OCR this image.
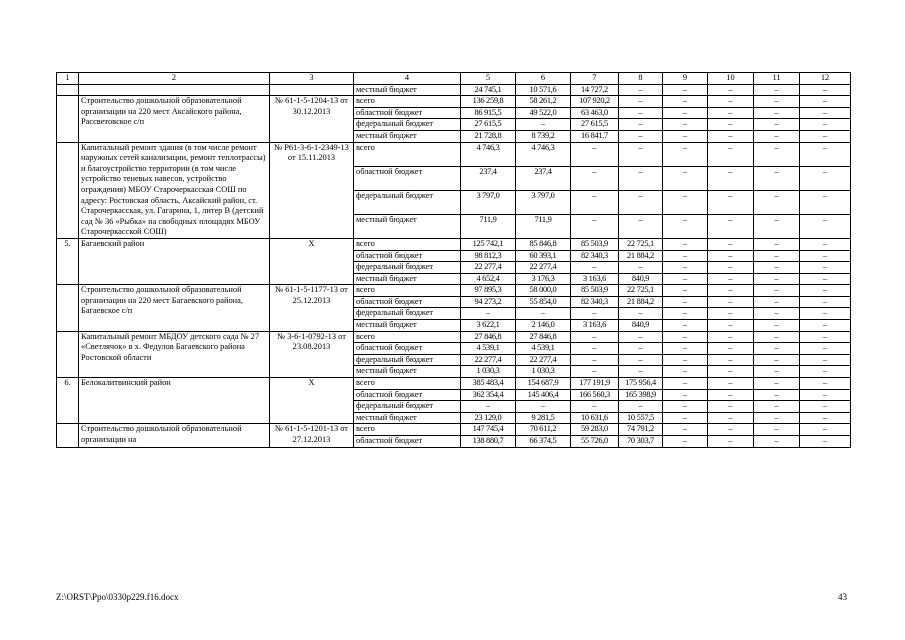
1	2	3	4	5	6	7	8	9	10	11	12
			местный бюджет	24 745,1	10 571,6	14 727,2	–	–	–	–	–
	Строительство дошкольной образовательной организации на 220 мест Аксайского района, Рассветовское с/п	№ 61-1-5-1204-13 от 30.12.2013	всего	136 259,8	58 261,2	107 920,2	–	–	–	–	–
			областной бюджет	86 915,5	49 522,0	63 463,0	–	–	–	–	–
			федеральный бюджет	27 615,5	–	27 615,5	–	–	–	–	–
			местный бюджет	21 728,8	8 739,2	16 841,7	–	–	–	–	–
	Капитальный ремонт здания (в том числе ремонт наружных сетей канализации, ремонт теплотрассы) и благоустройство территории (в том числе устройство теневых навесов, устройство ограждения) МБОУ Старочеркасская СОШ по адресу: Ростовская область, Аксайский район, ст. Старочеркасская, ул. Гагарина, 1, литер В (детский сад № 36 «Рыбка» на свободных площадях МБОУ Старочеркасской СОШ)	№ Р61-3-6-1-2349-13 от 15.11.2013	всего	4 746,3	4 746,3	–	–	–	–	–	–
			областной бюджет	237,4	237,4	–	–	–	–	–	–
			федеральный бюджет	3 797,0	3 797,0	–	–	–	–	–	–
			местный бюджет	711,9	711,9	–	–	–	–	–	–
5.	Багаевский район	Х	всего	125 742,1	85 846,8	85 503,9	22 725,1	–	–	–	–
			областной бюджет	98 812,3	60 393,1	82 340,3	21 884,2	–	–	–	–
			федеральный бюджет	22 277,4	22 277,4	–	–	–	–	–	–
			местный бюджет	4 652,4	3 176,3	3 163,6	840,9	–	–	–	–
	Строительство дошкольной образовательной организации на 220 мест Багаевского района, Багаевское с/п	№ 61-1-5-1177-13 от 25.12.2013	всего	97 895,3	58 000,0	85 503,9	22 725,1	–	–	–	–
			областной бюджет	94 273,2	55 854,0	82 340,3	21 884,2	–	–	–	–
			федеральный бюджет	–	–	–	–	–	–	–	–
			местный бюджет	3 622,1	2 146,0	3 163,6	840,9	–	–	–	–
	Капитальный ремонт МБДОУ детского сада № 27 «Светлячок» в х. Федулов Багаевского района Ростовской области	№ 3-6-1-0792-13 от 23.08.2013	всего	27 846,8	27 846,8	–	–	–	–	–	–
			областной бюджет	4 539,1	4 539,1	–	–	–	–	–	–
			федеральный бюджет	22 277,4	22 277,4	–	–	–	–	–	–
			местный бюджет	1 030,3	1 030,3	–	–	–	–	–	–
6.	Белокалитвинский район	Х	всего	385 483,4	154 687,9	177 191,9	175 956,4	–	–	–	–
			областной бюджет	362 354,4	145 406,4	166 560,3	165 398,9	–	–	–	–
			федеральный бюджет	–	–	–	–	–	–	–	–
			местный бюджет	23 129,0	9 281,5	10 631,6	10 557,5	–	–	–	–
	Строительство дошкольной образовательной организации на	№ 61-1-5-1201-13 от 27.12.2013	всего	147 745,4	70 611,2	59 283,0	74 791,2	–	–	–	–
			областной бюджет	138 880,7	66 374,5	55 726,0	70 303,7	–	–	–	–
Z:\ORST\Ppo\0330p229.f16.docx	43
